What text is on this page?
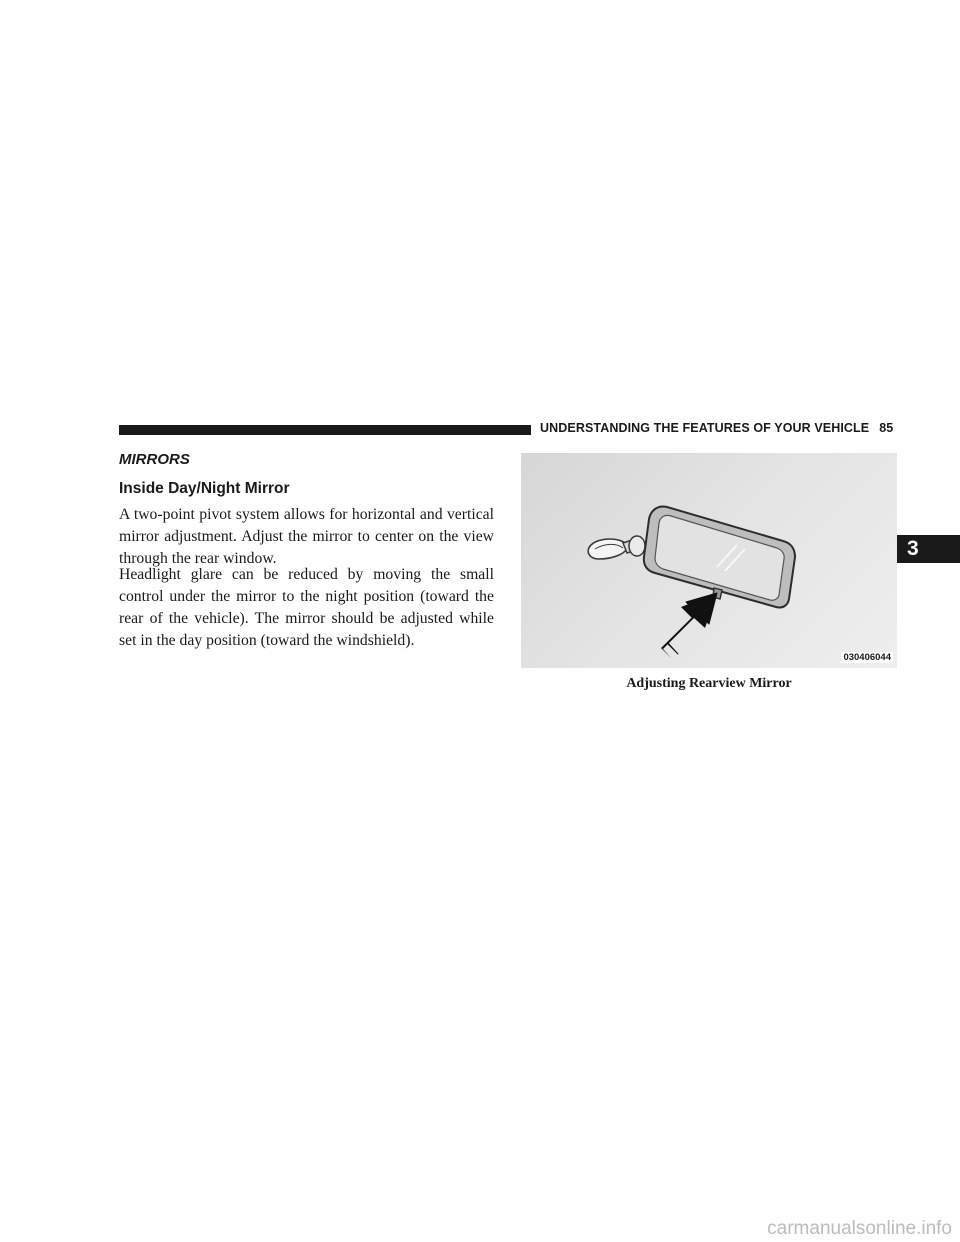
UNDERSTANDING THE FEATURES OF YOUR VEHICLE 85
MIRRORS
Inside Day/Night Mirror

A two-point pivot system allows for horizontal and vertical mirror adjustment. Adjust the mirror to center on the view through the rear window.

Headlight glare can be reduced by moving the small control under the mirror to the night position (toward the rear of the vehicle). The mirror should be adjusted while set in the day position (toward the windshield).

030406044
Adjusting Rearview Mirror
3
carmanualsonline.info
